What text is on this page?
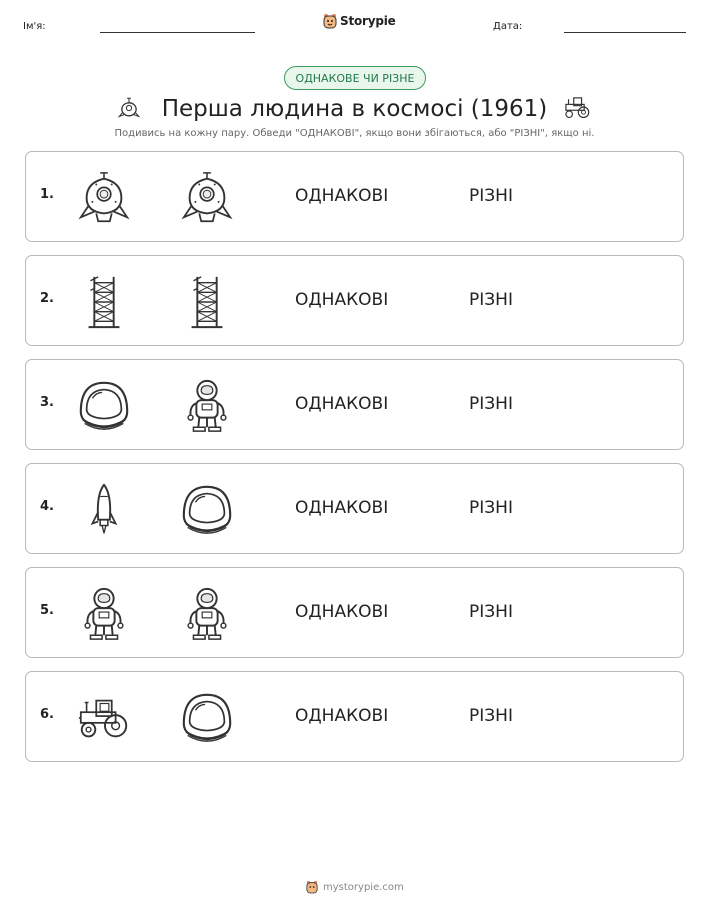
Ім'я:	Storypie	Дата:
ОДНАКОВЕ ЧИ РІЗНЕ
Перша людина в космосі (1961)
Подивись на кожну пару. Обведи "ОДНАКОВІ", якщо вони збігаються, або "РІЗНІ", якщо ні.
1.	ОДНАКОВІ	РІЗНІ
2.	ОДНАКОВІ	РІЗНІ
3.	ОДНАКОВІ	РІЗНІ
4.	ОДНАКОВІ	РІЗНІ
5.	ОДНАКОВІ	РІЗНІ
6.	ОДНАКОВІ	РІЗНІ
mystorypie.com
